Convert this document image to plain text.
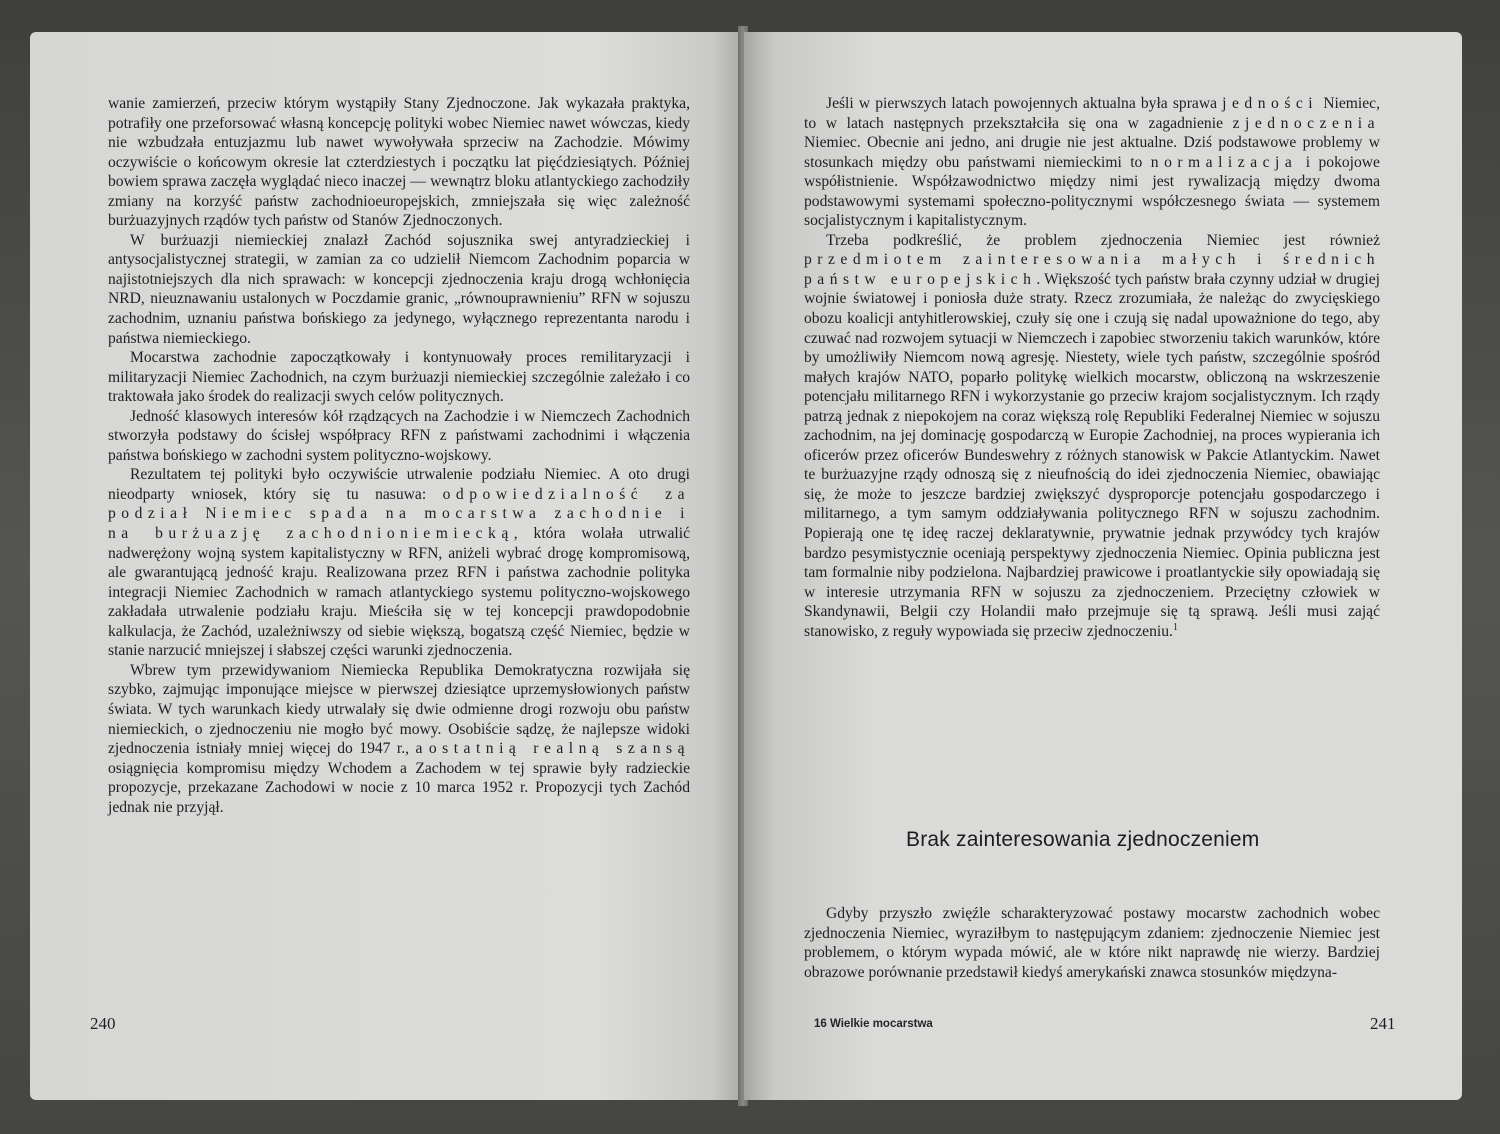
wanie zamierzeń, przeciw którym wystąpiły Stany Zjednoczone. Jak wykazała praktyka, potrafiły one przeforsować własną koncepcję polityki wobec Niemiec nawet wówczas, kiedy nie wzbudzała entuzjazmu lub nawet wywoływała sprzeciw na Zachodzie. Mówimy oczywiście o końcowym okresie lat czterdziestych i początku lat pięćdziesiątych. Później bowiem sprawa zaczęła wyglądać nieco inaczej — wewnątrz bloku atlantyckiego zachodziły zmiany na korzyść państw zachodnioeuropejskich, zmniejszała się więc zależność burżuazyjnych rządów tych państw od Stanów Zjednoczonych.

W burżuazji niemieckiej znalazł Zachód sojusznika swej antyradzieckiej i antysocjalistycznej strategii, w zamian za co udzielił Niemcom Zachodnim poparcia w najistotniejszych dla nich sprawach: w koncepcji zjednoczenia kraju drogą wchłonięcia NRD, nieuznawaniu ustalonych w Poczdamie granic, „równouprawnieniu” RFN w sojuszu zachodnim, uznaniu państwa bońskiego za jedynego, wyłącznego reprezentanta narodu i państwa niemieckiego.

Mocarstwa zachodnie zapoczątkowały i kontynuowały proces remilitaryzacji i militaryzacji Niemiec Zachodnich, na czym burżuazji niemieckiej szczególnie zależało i co traktowała jako środek do realizacji swych celów politycznych.

Jedność klasowych interesów kół rządzących na Zachodzie i w Niemczech Zachodnich stworzyła podstawy do ścisłej współpracy RFN z państwami zachodnimi i włączenia państwa bońskiego w zachodni system polityczno-wojskowy.

Rezultatem tej polityki było oczywiście utrwalenie podziału Niemiec. A oto drugi nieodparty wniosek, który się tu nasuwa: odpowiedzialność za podział Niemiec spada na mocarstwa zachodnie i na burżuazję zachodnioniemiecką, która wolała utrwalić nadwerężony wojną system kapitalistyczny w RFN, aniżeli wybrać drogę kompromisową, ale gwarantującą jedność kraju. Realizowana przez RFN i państwa zachodnie polityka integracji Niemiec Zachodnich w ramach atlantyckiego systemu polityczno-wojskowego zakładała utrwalenie podziału kraju. Mieściła się w tej koncepcji prawdopodobnie kalkulacja, że Zachód, uzależniwszy od siebie większą, bogatszą część Niemiec, będzie w stanie narzucić mniejszej i słabszej części warunki zjednoczenia.

Wbrew tym przewidywaniom Niemiecka Republika Demokratyczna rozwijała się szybko, zajmując imponujące miejsce w pierwszej dziesiątce uprzemysłowionych państw świata. W tych warunkach kiedy utrwalały się dwie odmienne drogi rozwoju obu państw niemieckich, o zjednoczeniu nie mogło być mowy. Osobiście sądzę, że najlepsze widoki zjednoczenia istniały mniej więcej do 1947 r., a ostatnią realną szansą osiągnięcia kompromisu między Wchodem a Zachodem w tej sprawie były radzieckie propozycje, przekazane Zachodowi w nocie z 10 marca 1952 r. Propozycji tych Zachód jednak nie przyjął.

240

Jeśli w pierwszych latach powojennych aktualna była sprawa jedności Niemiec, to w latach następnych przekształciła się ona w zagadnienie zjednoczenia Niemiec. Obecnie ani jedno, ani drugie nie jest aktualne. Dziś podstawowe problemy w stosunkach między obu państwami niemieckimi to normalizacja i pokojowe współistnienie. Współzawodnictwo między nimi jest rywalizacją między dwoma podstawowymi systemami społeczno-politycznymi współczesnego świata — systemem socjalistycznym i kapitalistycznym.

Trzeba podkreślić, że problem zjednoczenia Niemiec jest również przedmiotem zainteresowania małych i średnich państw europejskich. Większość tych państw brała czynny udział w drugiej wojnie światowej i poniosła duże straty. Rzecz zrozumiała, że należąc do zwycięskiego obozu koalicji antyhitlerowskiej, czuły się one i czują się nadal upoważnione do tego, aby czuwać nad rozwojem sytuacji w Niemczech i zapobiec stworzeniu takich warunków, które by umożliwiły Niemcom nową agresję. Niestety, wiele tych państw, szczególnie spośród małych krajów NATO, poparło politykę wielkich mocarstw, obliczoną na wskrzeszenie potencjału militarnego RFN i wykorzystanie go przeciw krajom socjalistycznym. Ich rządy patrzą jednak z niepokojem na coraz większą rolę Republiki Federalnej Niemiec w sojuszu zachodnim, na jej dominację gospodarczą w Europie Zachodniej, na proces wypierania ich oficerów przez oficerów Bundeswehry z różnych stanowisk w Pakcie Atlantyckim. Nawet te burżuazyjne rządy odnoszą się z nieufnością do idei zjednoczenia Niemiec, obawiając się, że może to jeszcze bardziej zwiększyć dysproporcje potencjału gospodarczego i militarnego, a tym samym oddziaływania politycznego RFN w sojuszu zachodnim. Popierają one tę ideę raczej deklaratywnie, prywatnie jednak przywódcy tych krajów bardzo pesymistycznie oceniają perspektywy zjednoczenia Niemiec. Opinia publiczna jest tam formalnie niby podzielona. Najbardziej prawicowe i proatlantyckie siły opowiadają się w interesie utrzymania RFN w sojuszu za zjednoczeniem. Przeciętny człowiek w Skandynawii, Belgii czy Holandii mało przejmuje się tą sprawą. Jeśli musi zająć stanowisko, z reguły wypowiada się przeciw zjednoczeniu.$^1$

Brak zainteresowania zjednoczeniem

Gdyby przyszło zwięźle scharakteryzować postawy mocarstw zachodnich wobec zjednoczenia Niemiec, wyraziłbym to następującym zdaniem: zjednoczenie Niemiec jest problemem, o którym wypada mówić, ale w które nikt naprawdę nie wierzy. Bardziej obrazowe porównanie przedstawił kiedyś amerykański znawca stosunków międzyna-

16 Wielkie mocarstwa	241
